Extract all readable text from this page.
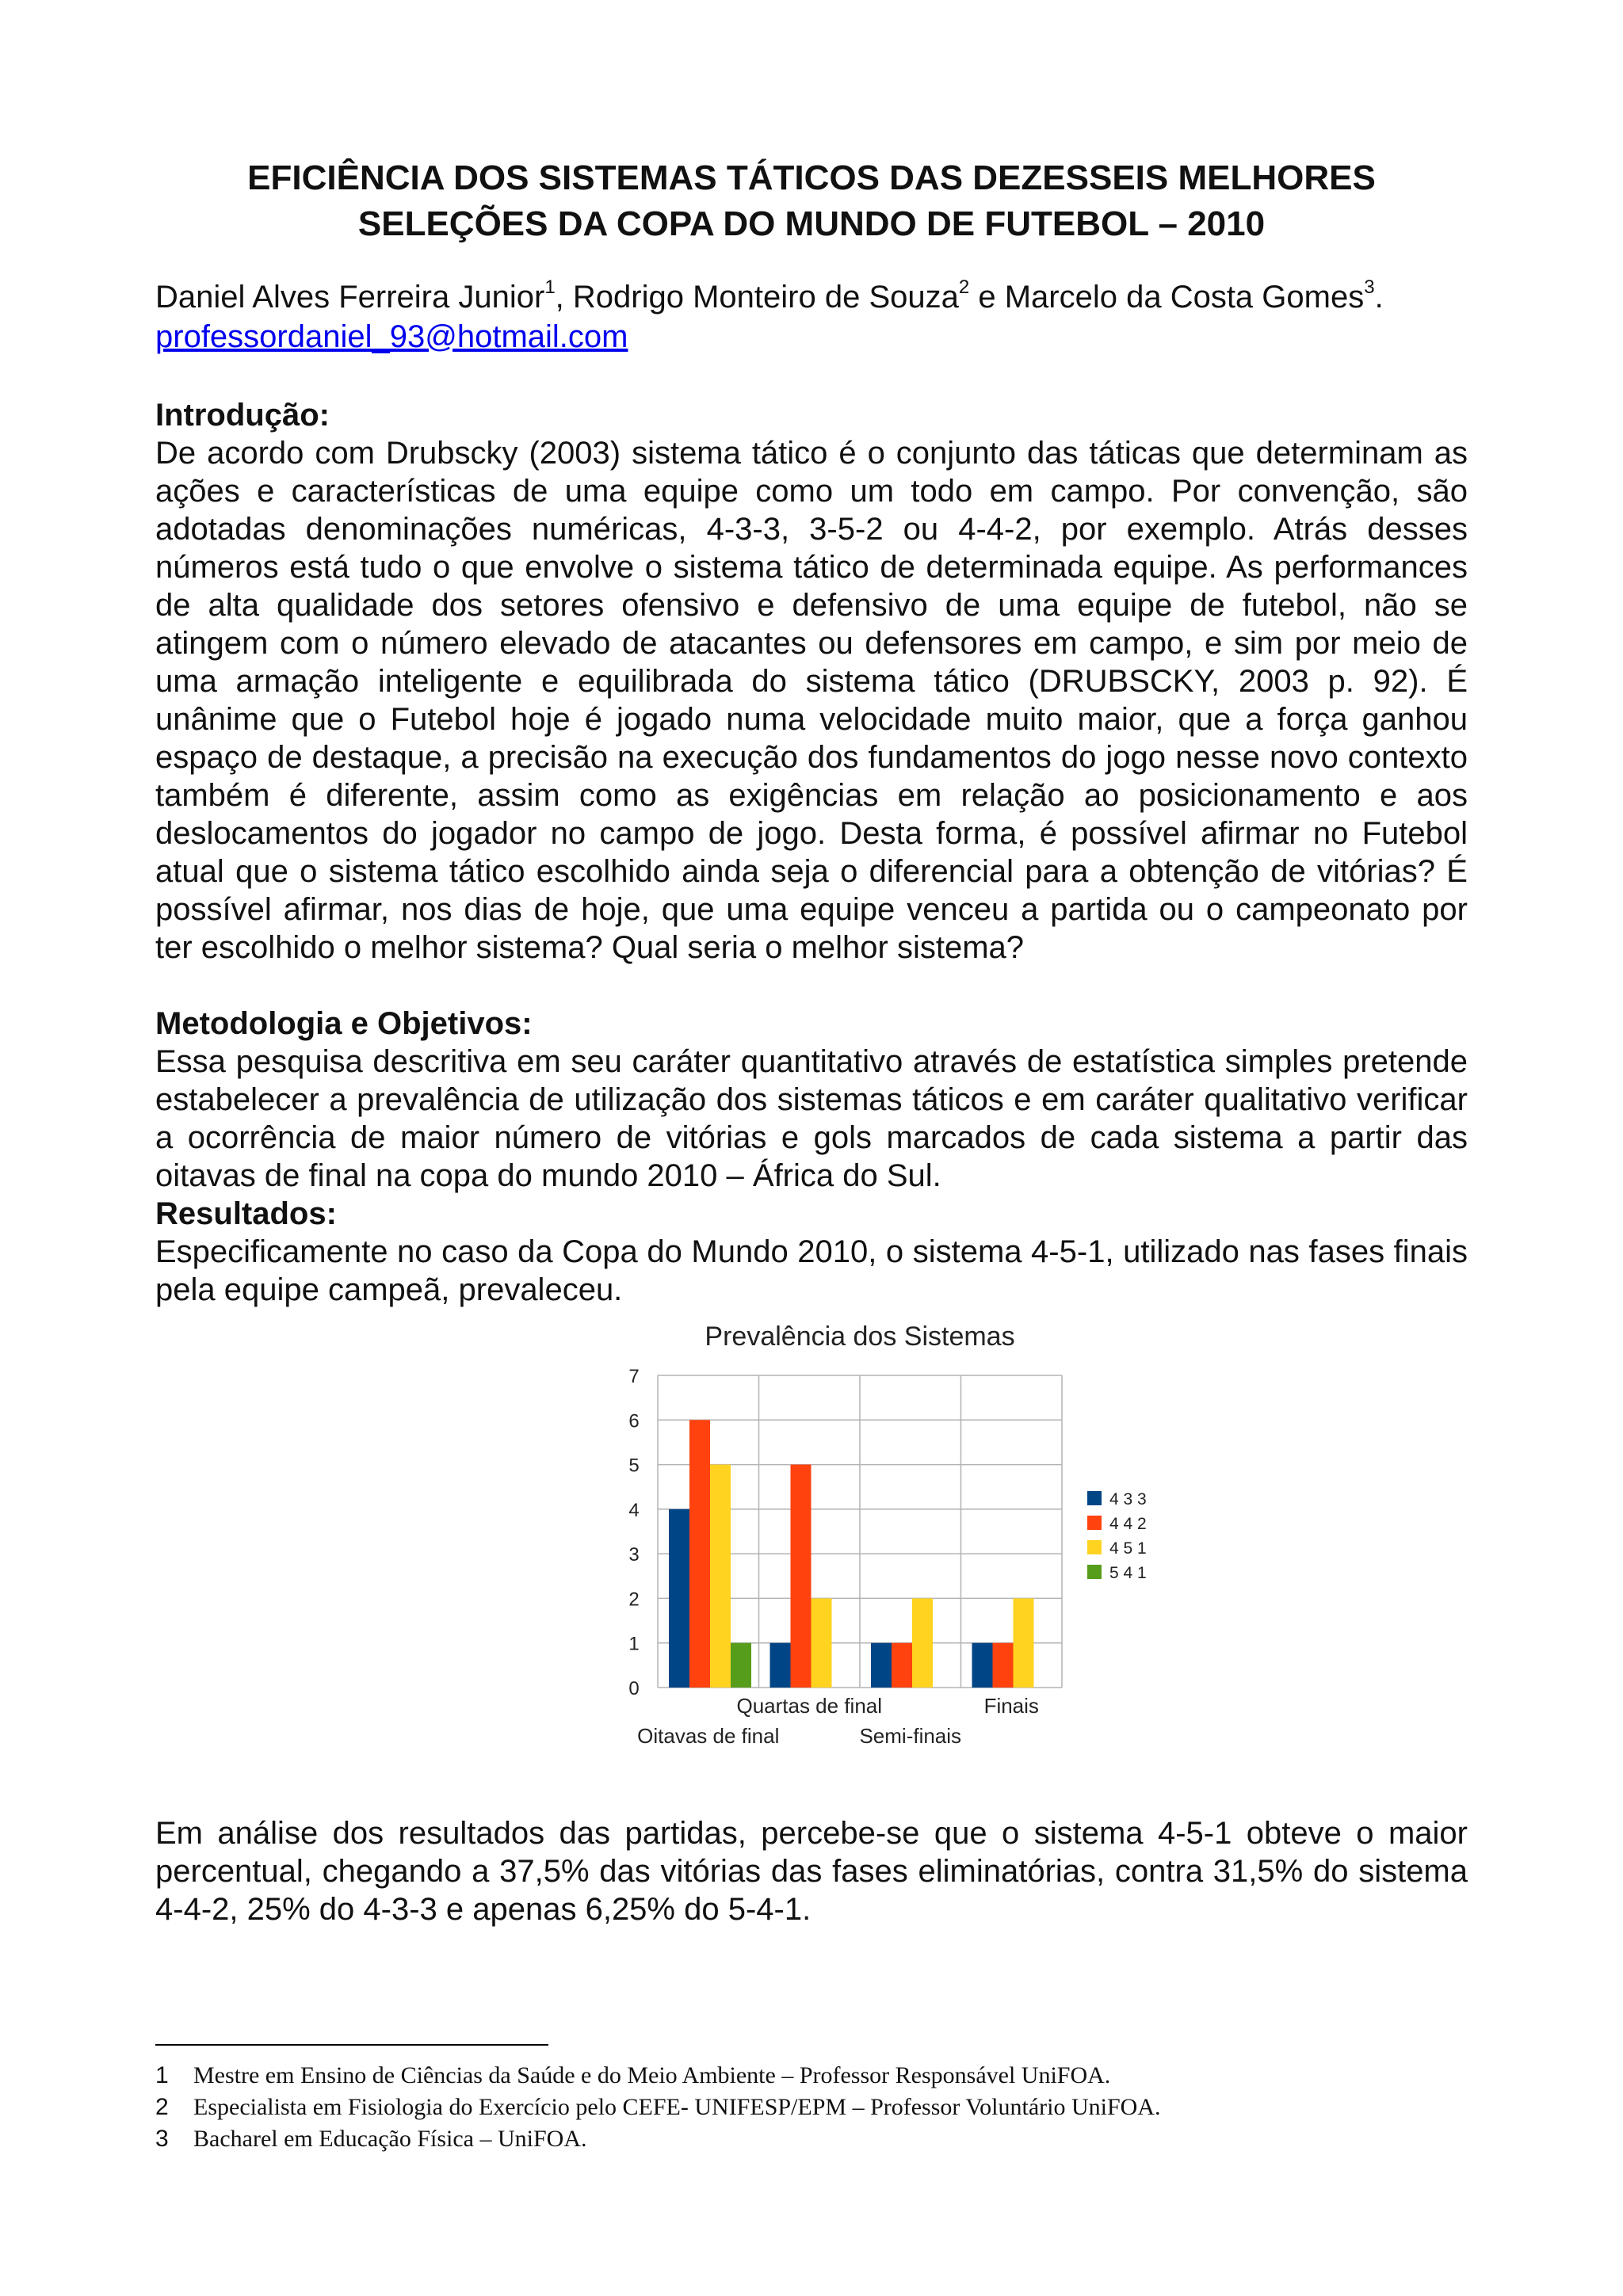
EFICIÊNCIA DOS SISTEMAS TÁTICOS DAS DEZESSEIS MELHORES
SELEÇÕES DA COPA DO MUNDO DE FUTEBOL – 2010
Daniel Alves Ferreira Junior$^1$, Rodrigo Monteiro de Souza$^2$ e Marcelo da Costa Gomes$^3$.
professordaniel_93@hotmail.com
Introdução:
De acordo com Drubscky (2003) sistema tático é o conjunto das táticas que determinam as ações e características de uma equipe como um todo em campo. Por convenção, são adotadas denominações numéricas, 4-3-3, 3-5-2 ou 4-4-2, por exemplo. Atrás desses números está tudo o que envolve o sistema tático de determinada equipe. As performances de alta qualidade dos setores ofensivo e defensivo de uma equipe de futebol, não se atingem com o número elevado de atacantes ou defensores em campo, e sim por meio de uma armação inteligente e equilibrada do sistema tático (DRUBSCKY, 2003 p. 92). É unânime que o Futebol hoje é jogado numa velocidade muito maior, que a força ganhou espaço de destaque, a precisão na execução dos fundamentos do jogo nesse novo contexto também é diferente, assim como as exigências em relação ao posicionamento e aos deslocamentos do jogador no campo de jogo. Desta forma, é possível afirmar no Futebol atual que o sistema tático escolhido ainda seja o diferencial para a obtenção de vitórias? É possível afirmar, nos dias de hoje, que uma equipe venceu a partida ou o campeonato por ter escolhido o melhor sistema? Qual seria o melhor sistema?
Metodologia e Objetivos:
Essa pesquisa descritiva em seu caráter quantitativo através de estatística simples pretende estabelecer a prevalência de utilização dos sistemas táticos e em caráter qualitativo verificar a ocorrência de maior número de vitórias e gols marcados de cada sistema a partir das oitavas de final na copa do mundo 2010 – África do Sul.
Resultados:
Especificamente no caso da Copa do Mundo 2010, o sistema 4-5-1, utilizado nas fases finais pela equipe campeã, prevaleceu.
Prevalência dos Sistemas
0
1
2
3
4
5
6
7
Oitavas de final
Quartas de final
Semi-finais
Finais
4 3 3
4 4 2
4 5 1
5 4 1
Em análise dos resultados das partidas, percebe-se que o sistema 4-5-1 obteve o maior percentual, chegando a 37,5% das vitórias das fases eliminatórias, contra 31,5% do sistema 4-4-2, 25% do 4-3-3 e apenas 6,25% do 5-4-1.
1	Mestre em Ensino de Ciências da Saúde e do Meio Ambiente – Professor Responsável UniFOA.
2	Especialista em Fisiologia do Exercício pelo CEFE- UNIFESP/EPM – Professor Voluntário UniFOA.
3	Bacharel em Educação Física – UniFOA.
